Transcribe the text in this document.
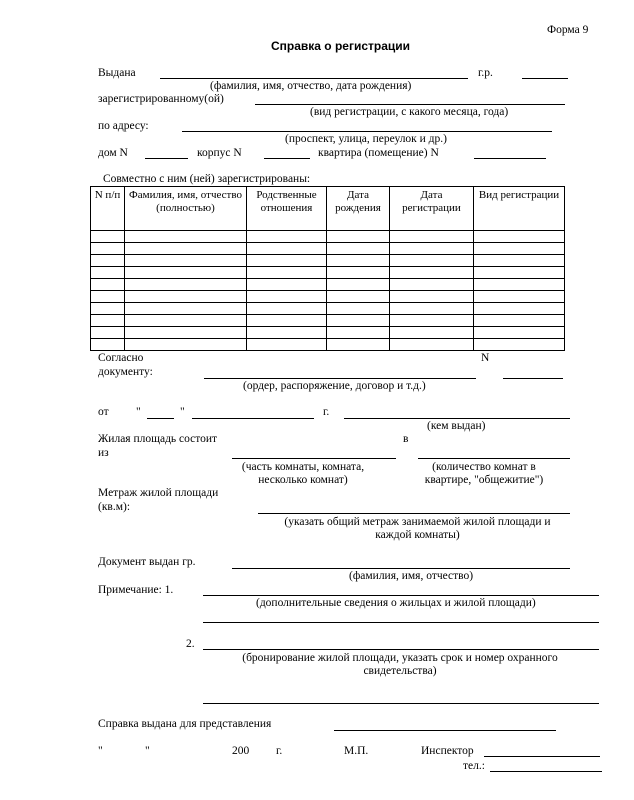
Форма 9
Справка о регистрации
Выдана	г.р.
(фамилия, имя, отчество, дата рождения)
зарегистрированному(ой)
(вид регистрации, с какого месяца, года)
по адресу:
(проспект, улица, переулок и др.)
дом N	корпус N	квартира (помещение) N
Совместно с ним (ней) зарегистрированы:
N п/п	Фамилия, имя, отчество (полностью)	Родственные отношения	Дата рождения	Дата регистрации	Вид регистрации

Согласно
документу:
N
(ордер, распоряжение, договор и т.д.)
от "	"	г.
(кем выдан)
Жилая площадь состоит
из
в
(часть комнаты, комната, несколько комнат)
(количество комнат в квартире, "общежитие")
Метраж жилой площади
(кв.м):
(указать общий метраж занимаемой жилой площади и каждой комнаты)
Документ выдан гр.
(фамилия, имя, отчество)
Примечание: 1.
(дополнительные сведения о жильцах и жилой площади)
2.
(бронирование жилой площади, указать срок и номер охранного свидетельства)
Справка выдана для представления
"	"	200 г.	М.П.	Инспектор
тел.:
